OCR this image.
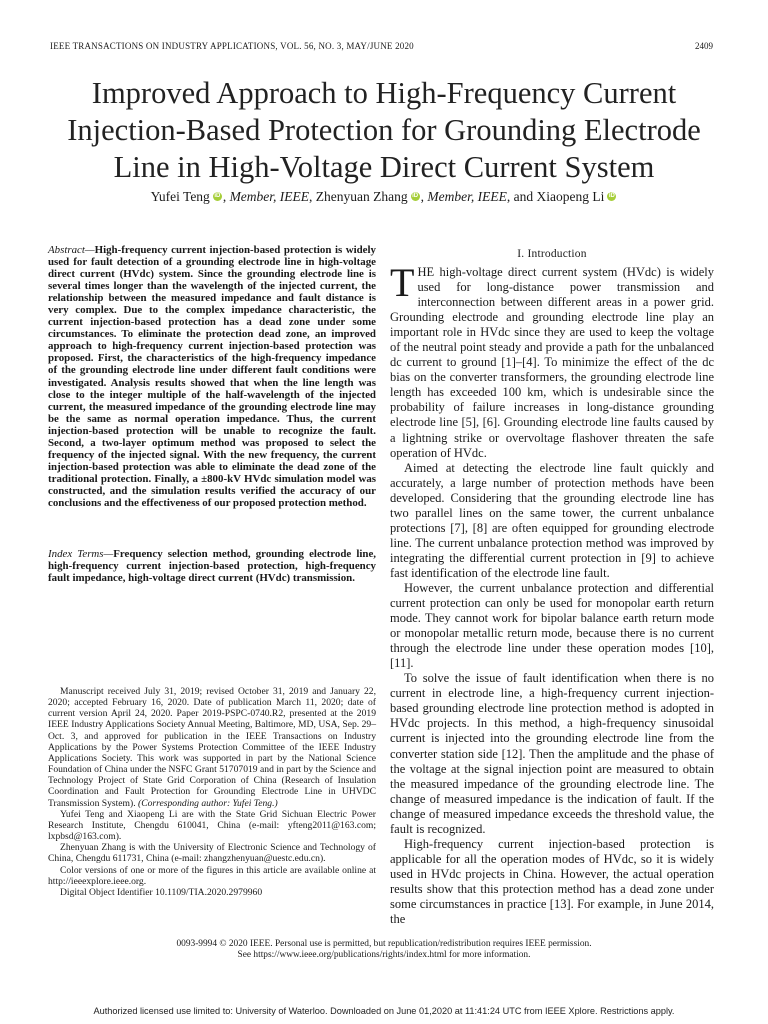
IEEE TRANSACTIONS ON INDUSTRY APPLICATIONS, VOL. 56, NO. 3, MAY/JUNE 2020	2409
Improved Approach to High-Frequency Current Injection-Based Protection for Grounding Electrode Line in High-Voltage Direct Current System
Yufei Teng iD , Member, IEEE, Zhenyuan Zhang iD , Member, IEEE, and Xiaopeng Li iD
Abstract—High-frequency current injection-based protection is widely used for fault detection of a grounding electrode line in high-voltage direct current (HVdc) system. Since the grounding electrode line is several times longer than the wavelength of the injected current, the relationship between the measured impedance and fault distance is very complex. Due to the complex impedance characteristic, the current injection-based protection has a dead zone under some circumstances. To eliminate the protection dead zone, an improved approach to high-frequency current injection-based protection was proposed. First, the characteristics of the high-frequency impedance of the grounding electrode line under different fault conditions were investigated. Analysis results showed that when the line length was close to the integer multiple of the half-wavelength of the injected current, the measured impedance of the grounding electrode line may be the same as normal operation impedance. Thus, the current injection-based protection will be unable to recognize the fault. Second, a two-layer optimum method was proposed to select the frequency of the injected signal. With the new frequency, the current injection-based protection was able to eliminate the dead zone of the traditional protection. Finally, a ±800-kV HVdc simulation model was constructed, and the simulation results verified the accuracy of our conclusions and the effectiveness of our proposed protection method.
Index Terms—Frequency selection method, grounding electrode line, high-frequency current injection-based protection, high-frequency fault impedance, high-voltage direct current (HVdc) transmission.

Manuscript received July 31, 2019; revised October 31, 2019 and January 22, 2020; accepted February 16, 2020. Date of publication March 11, 2020; date of current version April 24, 2020. Paper 2019-PSPC-0740.R2, presented at the 2019 IEEE Industry Applications Society Annual Meeting, Baltimore, MD, USA, Sep. 29–Oct. 3, and approved for publication in the IEEE Transactions on Industry Applications by the Power Systems Protection Committee of the IEEE Industry Applications Society. This work was supported in part by the National Science Foundation of China under the NSFC Grant 51707019 and in part by the Science and Technology Project of State Grid Corporation of China (Research of Insulation Coordination and Fault Protection for Grounding Electrode Line in UHVDC Transmission System). (Corresponding author: Yufei Teng.)

Yufei Teng and Xiaopeng Li are with the State Grid Sichuan Electric Power Research Institute, Chengdu 610041, China (e-mail: yfteng2011@163.com; lxpbsd@163.com).

Zhenyuan Zhang is with the University of Electronic Science and Technology of China, Chengdu 611731, China (e-mail: zhangzhenyuan@uestc.edu.cn).

Color versions of one or more of the figures in this article are available online at http://ieeexplore.ieee.org.

Digital Object Identifier 10.1109/TIA.2020.2979960

I. Introduction

THE high-voltage direct current system (HVdc) is widely used for long-distance power transmission and interconnection between different areas in a power grid. Grounding electrode and grounding electrode line play an important role in HVdc since they are used to keep the voltage of the neutral point steady and provide a path for the unbalanced dc current to ground [1]–[4]. To minimize the effect of the dc bias on the converter transformers, the grounding electrode line length has exceeded 100 km, which is undesirable since the probability of failure increases in long-distance grounding electrode line [5], [6]. Grounding electrode line faults caused by a lightning strike or overvoltage flashover threaten the safe operation of HVdc.

Aimed at detecting the electrode line fault quickly and accurately, a large number of protection methods have been developed. Considering that the grounding electrode line has two parallel lines on the same tower, the current unbalance protections [7], [8] are often equipped for grounding electrode line. The current unbalance protection method was improved by integrating the differential current protection in [9] to achieve fast identification of the electrode line fault.

However, the current unbalance protection and differential current protection can only be used for monopolar earth return mode. They cannot work for bipolar balance earth return mode or monopolar metallic return mode, because there is no current through the electrode line under these operation modes [10], [11].

To solve the issue of fault identification when there is no current in electrode line, a high-frequency current injection-based grounding electrode line protection method is adopted in HVdc projects. In this method, a high-frequency sinusoidal current is injected into the grounding electrode line from the converter station side [12]. Then the amplitude and the phase of the voltage at the signal injection point are measured to obtain the measured impedance of the grounding electrode line. The change of measured impedance is the indication of fault. If the change of measured impedance exceeds the threshold value, the fault is recognized.

High-frequency current injection-based protection is applicable for all the operation modes of HVdc, so it is widely used in HVdc projects in China. However, the actual operation results show that this protection method has a dead zone under some circumstances in practice [13]. For example, in June 2014, the

0093-9994 © 2020 IEEE. Personal use is permitted, but republication/redistribution requires IEEE permission.
See https://www.ieee.org/publications/rights/index.html for more information.
Authorized licensed use limited to: University of Waterloo. Downloaded on June 01,2020 at 11:41:24 UTC from IEEE Xplore. Restrictions apply.
